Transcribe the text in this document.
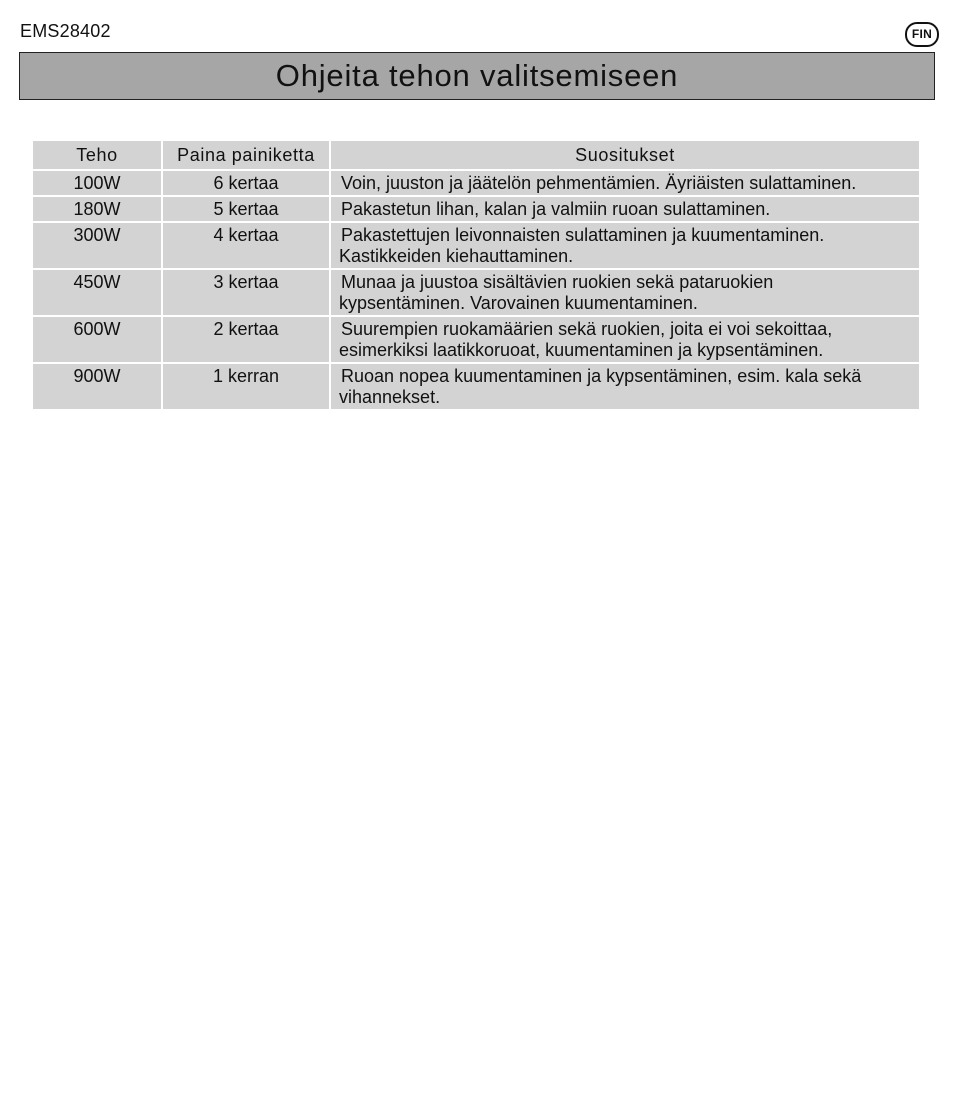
EMS28402	FIN
Ohjeita tehon valitsemiseen
Teho	Paina painiketta	Suositukset
100W	6 kertaa	Voin, juuston ja jäätelön pehmentämien. Äyriäisten sulattaminen.

180W	5 kertaa	Pakastetun lihan, kalan ja valmiin ruoan sulattaminen.

300W	4 kertaa	Pakastettujen leivonnaisten sulattaminen ja kuumentaminen.
Kastikkeiden kiehauttaminen.

450W	3 kertaa	Munaa ja juustoa sisältävien ruokien sekä pataruokien
kypsentäminen. Varovainen kuumentaminen.

600W	2 kertaa	Suurempien ruokamäärien sekä ruokien, joita ei voi sekoittaa,
esimerkiksi laatikkoruoat, kuumentaminen ja kypsentäminen.

900W	1 kerran	Ruoan nopea kuumentaminen ja kypsentäminen, esim. kala sekä
vihannekset.
